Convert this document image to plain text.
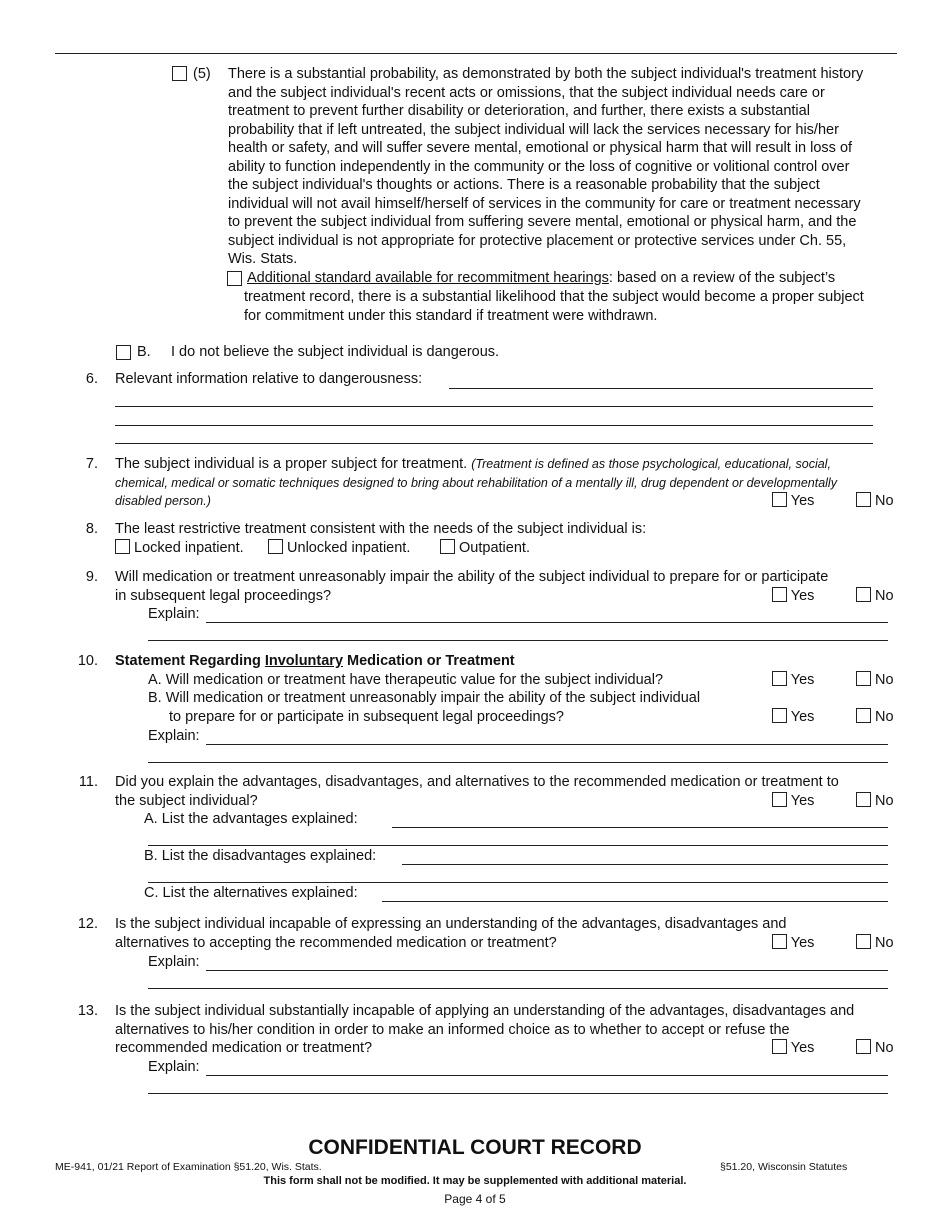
(5) There is a substantial probability, as demonstrated by both the subject individual's treatment history
and the subject individual's recent acts or omissions, that the subject individual needs care or
treatment to prevent further disability or deterioration, and further, there exists a substantial
probability that if left untreated, the subject individual will lack the services necessary for his/her
health or safety, and will suffer severe mental, emotional or physical harm that will result in loss of
ability to function independently in the community or the loss of cognitive or volitional control over
the subject individual's thoughts or actions. There is a reasonable probability that the subject
individual will not avail himself/herself of services in the community for care or treatment necessary
to prevent the subject individual from suffering severe mental, emotional or physical harm, and the
subject individual is not appropriate for protective placement or protective services under Ch. 55,
Wis. Stats.
Additional standard available for recommitment hearings: based on a review of the subject’s
treatment record, there is a substantial likelihood that the subject would become a proper subject
for commitment under this standard if treatment were withdrawn.
B. I do not believe the subject individual is dangerous.
6. Relevant information relative to dangerousness:
7. The subject individual is a proper subject for treatment. (Treatment is defined as those psychological, educational, social,
chemical, medical or somatic techniques designed to bring about rehabilitation of a mentally ill, drug dependent or developmentally
disabled person.)	Yes	No
8. The least restrictive treatment consistent with the needs of the subject individual is:
Locked inpatient.	Unlocked inpatient.	Outpatient.
9. Will medication or treatment unreasonably impair the ability of the subject individual to prepare for or participate
in subsequent legal proceedings?	Yes	No
Explain:
10. Statement Regarding Involuntary Medication or Treatment
A. Will medication or treatment have therapeutic value for the subject individual?	Yes	No
B. Will medication or treatment unreasonably impair the ability of the subject individual
to prepare for or participate in subsequent legal proceedings?	Yes	No
Explain:
11. Did you explain the advantages, disadvantages, and alternatives to the recommended medication or treatment to
the subject individual?	Yes	No
A. List the advantages explained:
B. List the disadvantages explained:
C. List the alternatives explained:
12. Is the subject individual incapable of expressing an understanding of the advantages, disadvantages and
alternatives to accepting the recommended medication or treatment?	Yes	No
Explain:
13. Is the subject individual substantially incapable of applying an understanding of the advantages, disadvantages and
alternatives to his/her condition in order to make an informed choice as to whether to accept or refuse the
recommended medication or treatment?	Yes	No
Explain:
CONFIDENTIAL COURT RECORD
ME-941, 01/21 Report of Examination §51.20, Wis. Stats.	§51.20, Wisconsin Statutes
This form shall not be modified. It may be supplemented with additional material.
Page 4 of 5
